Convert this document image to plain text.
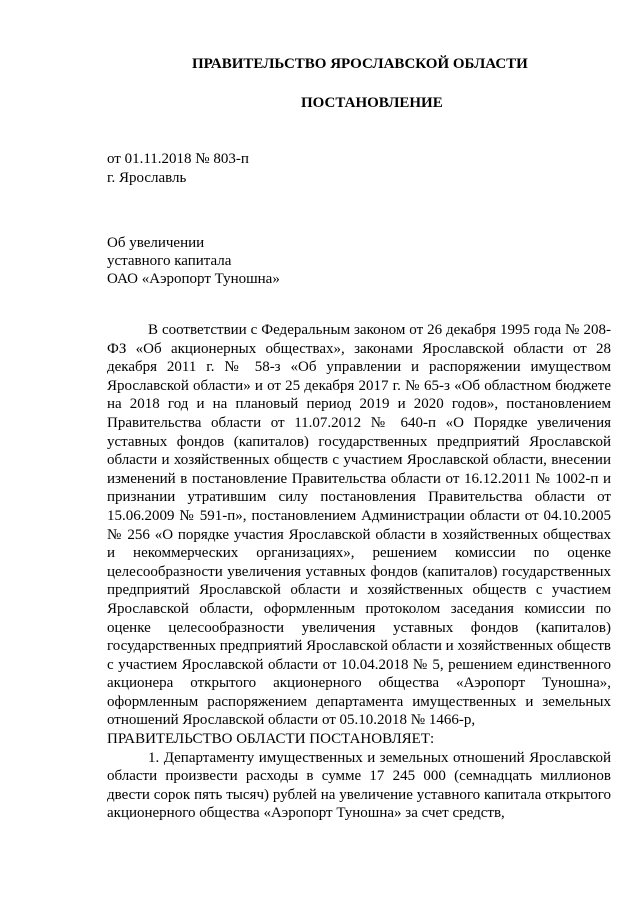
ПРАВИТЕЛЬСТВО ЯРОСЛАВСКОЙ ОБЛАСТИ
ПОСТАНОВЛЕНИЕ
от 01.11.2018 № 803-п
г. Ярославль
Об увеличении
уставного капитала
ОАО «Аэропорт Туношна»

В соответствии с Федеральным законом от 26 декабря 1995 года № 208-ФЗ «Об акционерных обществах», законами Ярославской области от 28 декабря 2011 г. № 58-з «Об управлении и распоряжении имуществом Ярославской области» и от 25 декабря 2017 г. № 65-з «Об областном бюджете на 2018 год и на плановый период 2019 и 2020 годов», постановлением Правительства области от 11.07.2012 № 640-п «О Порядке увеличения уставных фондов (капиталов) государственных предприятий Ярославской области и хозяйственных обществ с участием Ярославской области, внесении изменений в постановление Правительства области от 16.12.2011 № 1002-п и признании утратившим силу постановления Правительства области от 15.06.2009 № 591-п», постановлением Администрации области от 04.10.2005 № 256 «О порядке участия Ярославской области в хозяйственных обществах и некоммерческих организациях», решением комиссии по оценке целесообразности увеличения уставных фондов (капиталов) государственных предприятий Ярославской области и хозяйственных обществ с участием Ярославской области, оформленным протоколом заседания комиссии по оценке целесообразности увеличения уставных фондов (капиталов) государственных предприятий Ярославской области и хозяйственных обществ с участием Ярославской области от 10.04.2018 № 5, решением единственного акционера открытого акционерного общества «Аэропорт Туношна», оформленным распоряжением департамента имущественных и земельных отношений Ярославской области от 05.10.2018 № 1466-р,

ПРАВИТЕЛЬСТВО ОБЛАСТИ ПОСТАНОВЛЯЕТ:

1. Департаменту имущественных и земельных отношений Ярославской области произвести расходы в сумме 17 245 000 (семнадцать миллионов двести сорок пять тысяч) рублей на увеличение уставного капитала открытого акционерного общества «Аэропорт Туношна» за счет средств,
